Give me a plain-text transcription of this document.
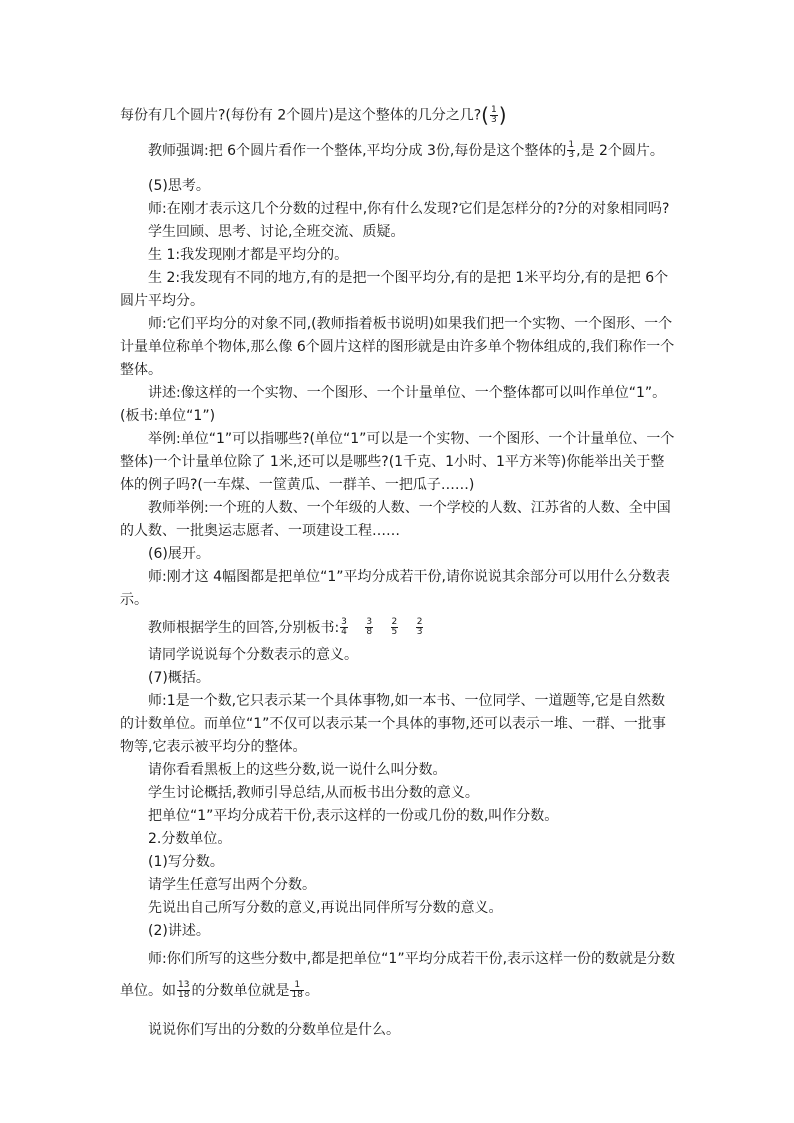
每份有几个圆片?(每份有 2个圆片)是这个整体的几分之几?( $\frac{1}{3}$ )

教师强调:把 6个圆片看作一个整体,平均分成 3份,每份是这个整体的 $\frac{1}{3}$ ,是 2个圆片。

(5)思考。

师:在刚才表示这几个分数的过程中,你有什么发现?它们是怎样分的?分的对象相同吗?

学生回顾、思考、讨论,全班交流、质疑。

生 1:我发现刚才都是平均分的。

生 2:我发现有不同的地方,有的是把一个图平均分,有的是把 1米平均分,有的是把 6个圆片平均分。

师:它们平均分的对象不同,(教师指着板书说明)如果我们把一个实物、一个图形、一个计量单位称单个物体,那么像 6个圆片这样的图形就是由许多单个物体组成的,我们称作一个整体。

讲述:像这样的一个实物、一个图形、一个计量单位、一个整体都可以叫作单位“1”。(板书:单位“1”)

举例:单位“1”可以指哪些?(单位“1”可以是一个实物、一个图形、一个计量单位、一个整体)一个计量单位除了 1米,还可以是哪些?(1千克、1小时、1平方米等)你能举出关于整体的例子吗?(一车煤、一筐黄瓜、一群羊、一把瓜子……)

教师举例:一个班的人数、一个年级的人数、一个学校的人数、江苏省的人数、全中国的人数、一批奥运志愿者、一项建设工程……

(6)展开。

师:刚才这 4幅图都是把单位“1”平均分成若干份,请你说说其余部分可以用什么分数表示。

教师根据学生的回答,分别板书: $\frac{3}{4}$
$\frac{3}{8}$
$\frac{2}{5}$
$\frac{2}{3}$

请同学说说每个分数表示的意义。

(7)概括。

师:1是一个数,它只表示某一个具体事物,如一本书、一位同学、一道题等,它是自然数的计数单位。而单位“1”不仅可以表示某一个具体的事物,还可以表示一堆、一群、一批事物等,它表示被平均分的整体。

请你看看黑板上的这些分数,说一说什么叫分数。

学生讨论概括,教师引导总结,从而板书出分数的意义。

把单位“1”平均分成若干份,表示这样的一份或几份的数,叫作分数。

2.分数单位。

(1)写分数。

请学生任意写出两个分数。

先说出自己所写分数的意义,再说出同伴所写分数的意义。

(2)讲述。

师:你们所写的这些分数中,都是把单位“1”平均分成若干份,表示这样一份的数就是分数单位。如 $\frac{13}{18}$ 的分数单位就是 $\frac{1}{18}$ 。

说说你们写出的分数的分数单位是什么。
